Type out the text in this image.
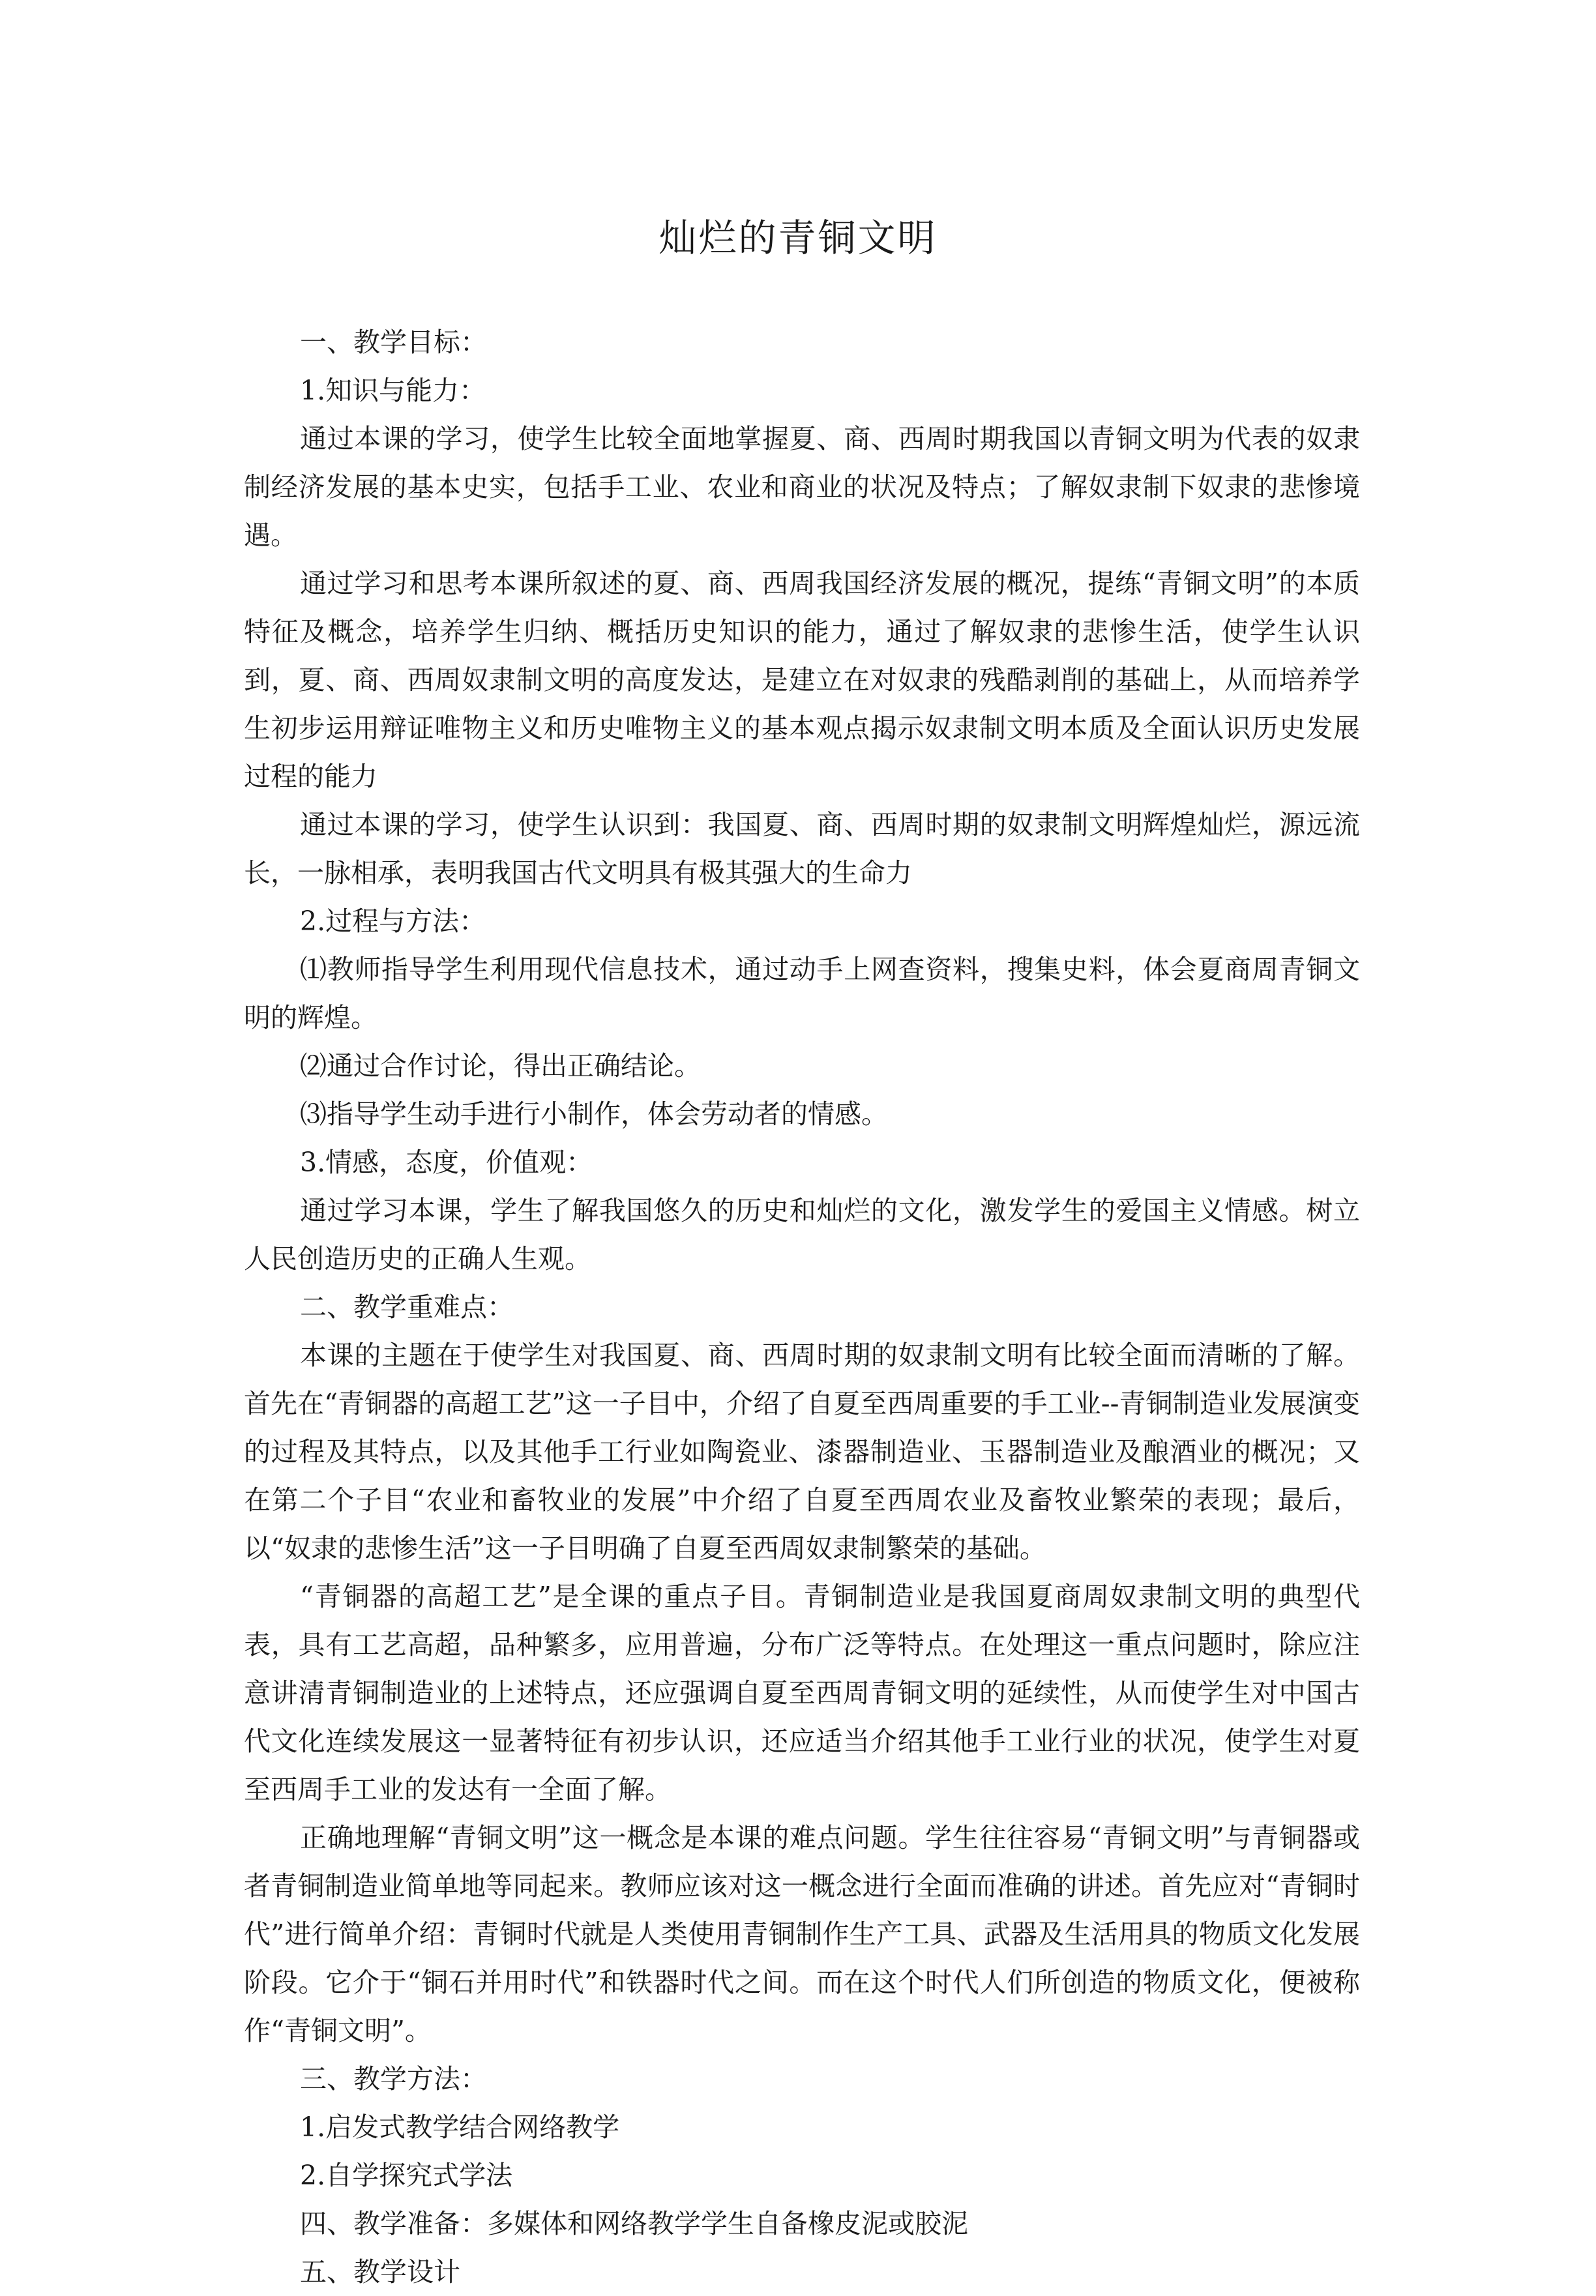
灿烂的青铜文明

一、教学目标：

1.知识与能力：

通过本课的学习，使学生比较全面地掌握夏、商、西周时期我国以青铜文明为代表的奴隶制经济发展的基本史实，包括手工业、农业和商业的状况及特点；了解奴隶制下奴隶的悲惨境遇。

通过学习和思考本课所叙述的夏、商、西周我国经济发展的概况，提练“青铜文明”的本质特征及概念，培养学生归纳、概括历史知识的能力，通过了解奴隶的悲惨生活，使学生认识到，夏、商、西周奴隶制文明的高度发达，是建立在对奴隶的残酷剥削的基础上，从而培养学生初步运用辩证唯物主义和历史唯物主义的基本观点揭示奴隶制文明本质及全面认识历史发展过程的能力

通过本课的学习，使学生认识到：我国夏、商、西周时期的奴隶制文明辉煌灿烂，源远流长，一脉相承，表明我国古代文明具有极其强大的生命力

2.过程与方法：

⑴教师指导学生利用现代信息技术，通过动手上网查资料，搜集史料，体会夏商周青铜文明的辉煌。

⑵通过合作讨论，得出正确结论。

⑶指导学生动手进行小制作，体会劳动者的情感。

3.情感，态度，价值观：

通过学习本课，学生了解我国悠久的历史和灿烂的文化，激发学生的爱国主义情感。树立人民创造历史的正确人生观。

二、教学重难点：

本课的主题在于使学生对我国夏、商、西周时期的奴隶制文明有比较全面而清晰的了解。首先在“青铜器的高超工艺”这一子目中，介绍了自夏至西周重要的手工业--青铜制造业发展演变的过程及其特点，以及其他手工行业如陶瓷业、漆器制造业、玉器制造业及酿酒业的概况；又在第二个子目“农业和畜牧业的发展”中介绍了自夏至西周农业及畜牧业繁荣的表现；最后，以“奴隶的悲惨生活”这一子目明确了自夏至西周奴隶制繁荣的基础。

“青铜器的高超工艺”是全课的重点子目。青铜制造业是我国夏商周奴隶制文明的典型代表，具有工艺高超，品种繁多，应用普遍，分布广泛等特点。在处理这一重点问题时，除应注意讲清青铜制造业的上述特点，还应强调自夏至西周青铜文明的延续性，从而使学生对中国古代文化连续发展这一显著特征有初步认识，还应适当介绍其他手工业行业的状况，使学生对夏至西周手工业的发达有一全面了解。

正确地理解“青铜文明”这一概念是本课的难点问题。学生往往容易“青铜文明”与青铜器或者青铜制造业简单地等同起来。教师应该对这一概念进行全面而准确的讲述。首先应对“青铜时代”进行简单介绍：青铜时代就是人类使用青铜制作生产工具、武器及生活用具的物质文化发展阶段。它介于“铜石并用时代”和铁器时代之间。而在这个时代人们所创造的物质文化，便被称作“青铜文明”。

三、教学方法：

1.启发式教学结合网络教学

2.自学探究式学法

四、教学准备：多媒体和网络教学学生自备橡皮泥或胶泥

五、教学设计
